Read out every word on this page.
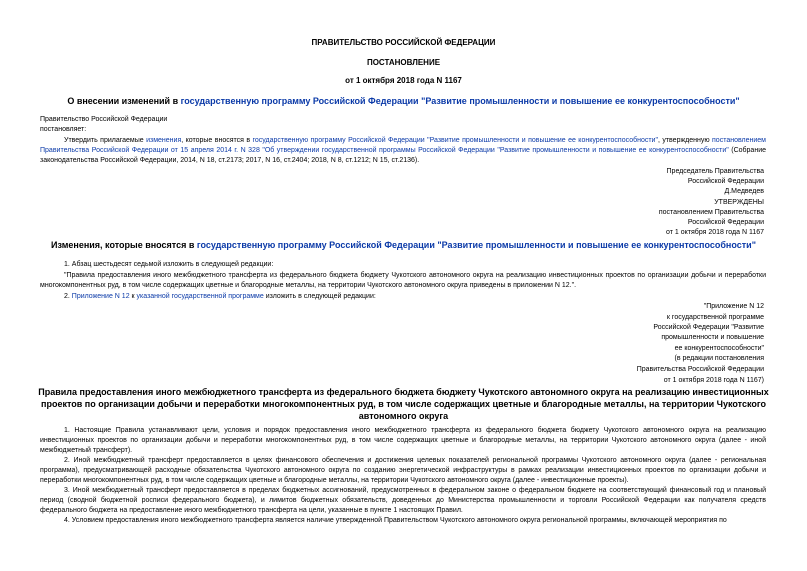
ПРАВИТЕЛЬСТВО РОССИЙСКОЙ ФЕДЕРАЦИИ
ПОСТАНОВЛЕНИЕ
от 1 октября 2018 года N 1167
О внесении изменений в государственную программу Российской Федерации "Развитие промышленности и повышение ее конкурентоспособности"
Правительство Российской Федерации
постановляет:

Утвердить прилагаемые изменения, которые вносятся в государственную программу Российской Федерации "Развитие промышленности и повышение ее конкурентоспособности", утвержденную постановлением Правительства Российской Федерации от 15 апреля 2014 г. N 328 "Об утверждении государственной программы Российской Федерации "Развитие промышленности и повышение ее конкурентоспособности" (Собрание законодательства Российской Федерации, 2014, N 18, ст.2173; 2017, N 16, ст.2404; 2018, N 8, ст.1212; N 15, ст.2136).

Председатель Правительства
Российской Федерации
Д.Медведев
УТВЕРЖДЕНЫ
постановлением Правительства
Российской Федерации
от 1 октября 2018 года N 1167
Изменения, которые вносятся в государственную программу Российской Федерации "Развитие промышленности и повышение ее конкурентоспособности"
1. Абзац шестьдесят седьмой изложить в следующей редакции:

"Правила предоставления иного межбюджетного трансферта из федерального бюджета бюджету Чукотского автономного округа на реализацию инвестиционных проектов по организации добычи и переработки многокомпонентных руд, в том числе содержащих цветные и благородные металлы, на территории Чукотского автономного округа приведены в приложении N 12.".

2. Приложение N 12 к указанной государственной программе изложить в следующей редакции:
"Приложение N 12
к государственной программе
Российской Федерации "Развитие
промышленности и повышение
ее конкурентоспособности"
(в редакции постановления
Правительства Российской Федерации
от 1 октября 2018 года N 1167)
Правила предоставления иного межбюджетного трансферта из федерального бюджета бюджету Чукотского автономного округа на реализацию инвестиционных
проектов по организации добычи и переработки многокомпонентных руд, в том числе содержащих цветные и благородные металлы, на территории Чукотского
автономного округа

1. Настоящие Правила устанавливают цели, условия и порядок предоставления иного межбюджетного трансферта из федерального бюджета бюджету Чукотского автономного округа на реализацию инвестиционных проектов по организации добычи и переработки многокомпонентных руд, в том числе содержащих цветные и благородные металлы, на территории Чукотского автономного округа (далее - иной межбюджетный трансферт).

2. Иной межбюджетный трансферт предоставляется в целях финансового обеспечения и достижения целевых показателей региональной программы Чукотского автономного округа (далее - региональная программа), предусматривающей расходные обязательства Чукотского автономного округа по созданию энергетической инфраструктуры в рамках реализации инвестиционных проектов по организации добычи и переработки многокомпонентных руд, в том числе содержащих цветные и благородные металлы, на территории Чукотского автономного округа (далее - инвестиционные проекты).

3. Иной межбюджетный трансферт предоставляется в пределах бюджетных ассигнований, предусмотренных в федеральном законе о федеральном бюджете на соответствующий финансовый год и плановый период (сводной бюджетной росписи федерального бюджета), и лимитов бюджетных обязательств, доведенных до Министерства промышленности и торговли Российской Федерации как получателя средств федерального бюджета на предоставление иного межбюджетного трансферта на цели, указанные в пункте 1 настоящих Правил.

4. Условием предоставления иного межбюджетного трансферта является наличие утвержденной Правительством Чукотского автономного округа региональной программы, включающей мероприятия по
